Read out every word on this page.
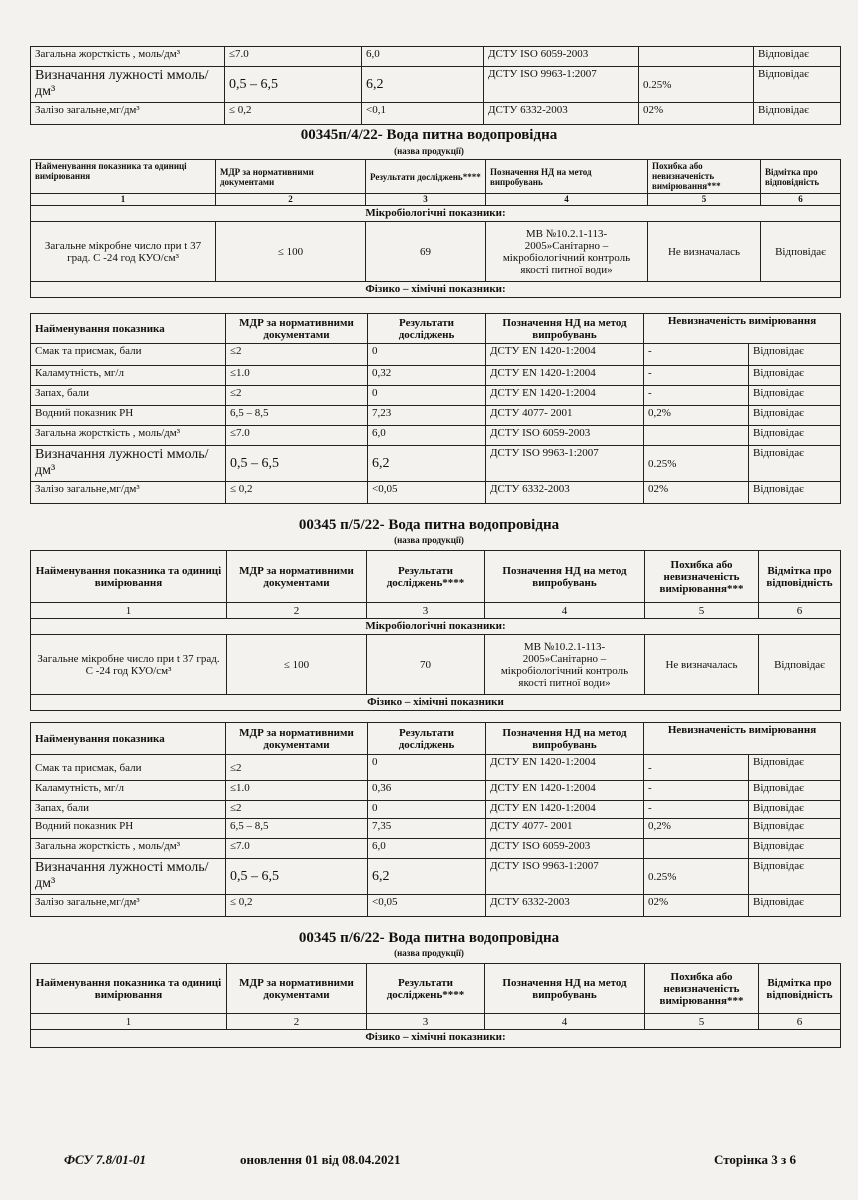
Загальна жорсткість , моль/дм³	≤7.0	6,0	ДСТУ ISO 6059-2003		Відповідає
Визначання лужності ммоль/дм³	0,5 – 6,5	6,2	ДСТУ ISO 9963-1:2007	0.25%	Відповідає
Залізо загальне,мг/дм³	≤ 0,2	<0,1	ДСТУ 6332-2003	02%	Відповідає
00345п/4/22- Вода питна водопровідна
(назва продукції)
Найменування показника та одиниці вимірювання	МДР за нормативними документами	Результати досліджень****	Позначення НД на метод випробувань	Похибка або невизначеність вимірювання***	Відмітка про відповідність
1	2	3	4	5	6
Мікробіологічні показники:					
Загальне мікробне число при t 37 град. С -24 год КУО/см³	≤ 100	69	МВ №10.2.1-113-2005»Санітарно – мікробіологічний контроль якості питної води»	Не визначалась	Відповідає
Фізико – хімічні показники:					
Найменування показника	МДР за нормативними документами	Результати досліджень	Позначення НД на метод випробувань	Невизначеність вимірювання	
Смак та присмак, бали	≤2	0	ДСТУ EN 1420-1:2004	-	Відповідає
Каламутність, мг/л	≤1.0	0,32	ДСТУ EN 1420-1:2004	-	Відповідає
Запах, бали	≤2	0	ДСТУ EN 1420-1:2004	-	Відповідає
Водний показник РН	6,5 – 8,5	7,23	ДСТУ 4077- 2001	0,2%	Відповідає
Загальна жорсткість , моль/дм³	≤7.0	6,0	ДСТУ ISO 6059-2003		Відповідає
Визначання лужності ммоль/дм³	0,5 – 6,5	6,2	ДСТУ ISO 9963-1:2007	0.25%	Відповідає
Залізо загальне,мг/дм³	≤ 0,2	<0,05	ДСТУ 6332-2003	02%	Відповідає
00345 п/5/22- Вода питна водопровідна
(назва продукції)
Найменування показника та одиниці вимірювання	МДР за нормативними документами	Результати досліджень****	Позначення НД на метод випробувань	Похибка або невизначеність вимірювання***	Відмітка про відповідність
1	2	3	4	5	6
Мікробіологічні показники:					
Загальне мікробне число при t 37 град. С -24 год КУО/см³	≤ 100	70	МВ №10.2.1-113-2005»Санітарно – мікробіологічний контроль якості питної води»	Не визначалась	Відповідає
Фізико – хімічні показники					
Найменування показника	МДР за нормативними документами	Результати досліджень	Позначення НД на метод випробувань	Невизначеність вимірювання	
Смак та присмак, бали	≤2	0	ДСТУ EN 1420-1:2004	-	Відповідає
Каламутність, мг/л	≤1.0	0,36	ДСТУ EN 1420-1:2004	-	Відповідає
Запах, бали	≤2	0	ДСТУ EN 1420-1:2004	-	Відповідає
Водний показник РН	6,5 – 8,5	7,35	ДСТУ 4077- 2001	0,2%	Відповідає
Загальна жорсткість , моль/дм³	≤7.0	6,0	ДСТУ ISO 6059-2003		Відповідає
Визначання лужності ммоль/дм³	0,5 – 6,5	6,2	ДСТУ ISO 9963-1:2007	0.25%	Відповідає
Залізо загальне,мг/дм³	≤ 0,2	<0,05	ДСТУ 6332-2003	02%	Відповідає
00345 п/6/22- Вода питна водопровідна
(назва продукції)
Найменування показника та одиниці вимірювання	МДР за нормативними документами	Результати досліджень****	Позначення НД на метод випробувань	Похибка або невизначеність вимірювання***	Відмітка про відповідність
1	2	3	4	5	6
Фізико – хімічні показники:					
ФСУ 7.8/01-01	оновлення 01 від 08.04.2021	Сторінка 3 з 6
